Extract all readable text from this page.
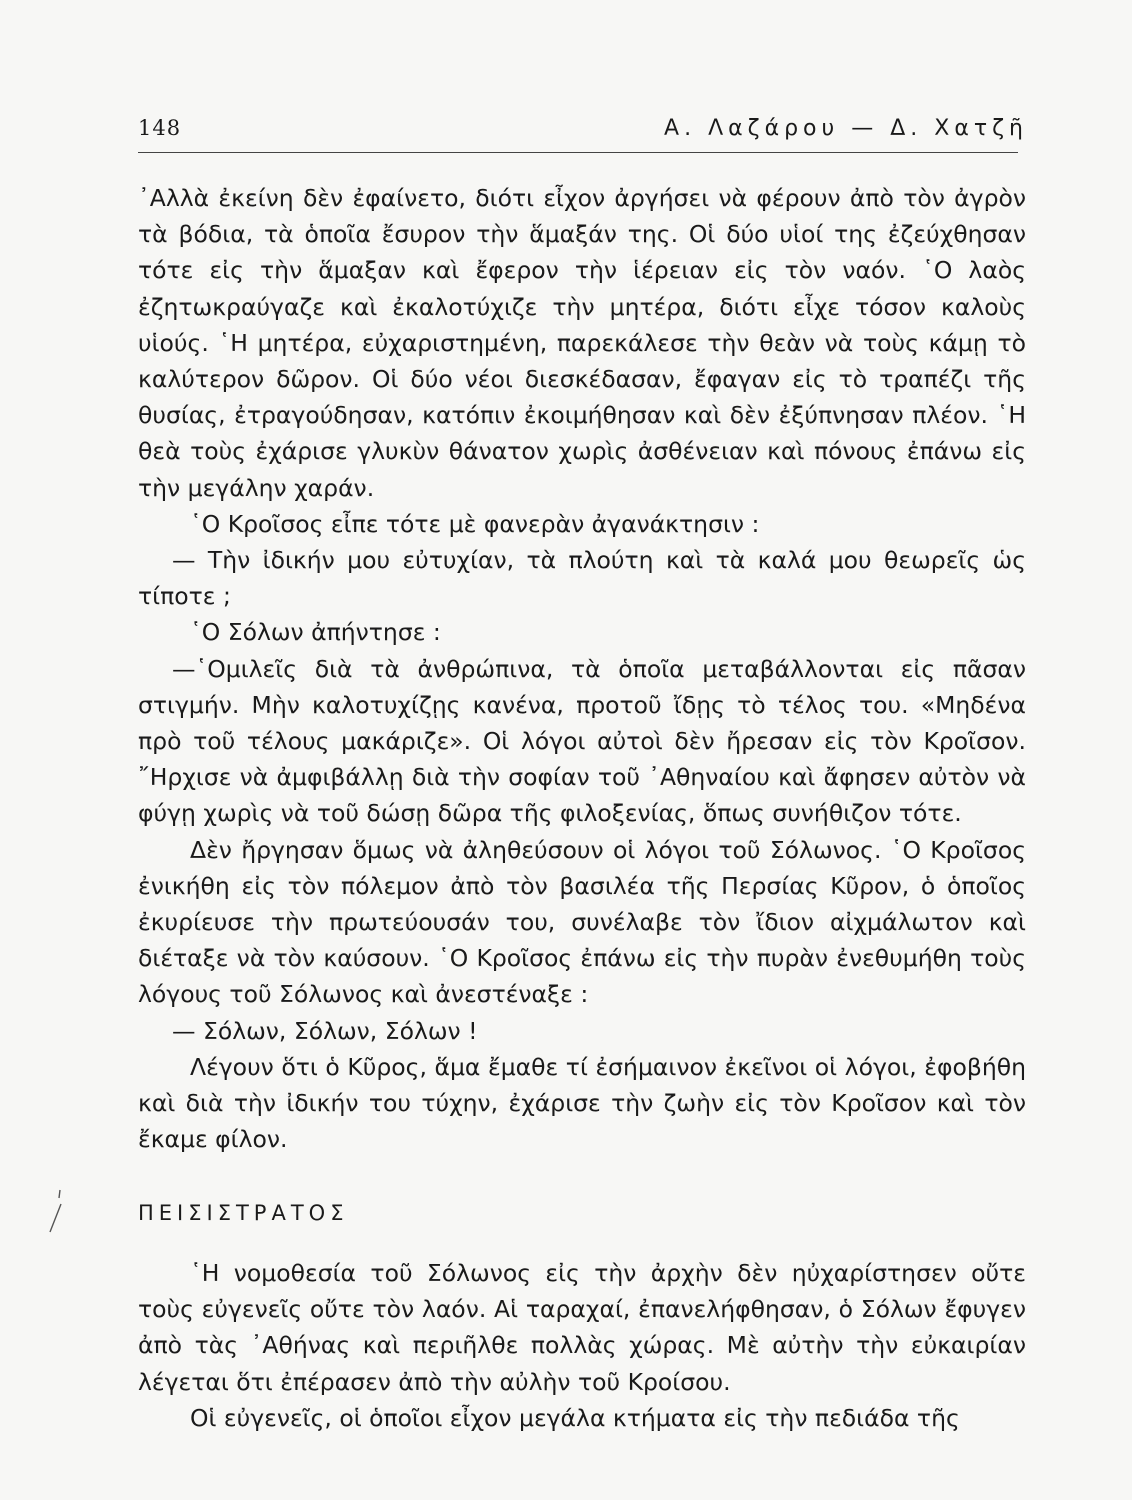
148	Α. Λαζάρου — Δ. Χατζῆ

᾿Αλλὰ ἐκείνη δὲν ἐφαίνετο, διότι εἶχον ἀργήσει νὰ φέρουν ἀπὸ τὸν ἀγρὸν τὰ βόδια, τὰ ὁποῖα ἔσυρον τὴν ἅμαξάν της. Οἱ δύο υἱοί της ἐζεύχθησαν τότε εἰς τὴν ἅμαξαν καὶ ἔφερον τὴν ἱέρειαν εἰς τὸν ναόν. ῾Ο λαὸς ἐζητωκραύγαζε καὶ ἐκαλοτύχιζε τὴν μητέρα, διότι εἶχε τόσον καλοὺς υἱούς. ῾Η μητέρα, εὐχαριστημένη, παρεκάλεσε τὴν θεὰν νὰ τοὺς κάμῃ τὸ καλύτερον δῶρον. Οἱ δύο νέοι διεσκέδασαν, ἔφαγαν εἰς τὸ τραπέζι τῆς θυσίας, ἐτραγούδησαν, κατόπιν ἐκοιμήθησαν καὶ δὲν ἐξύπνησαν πλέον. ῾Η θεὰ τοὺς ἐχάρισε γλυκὺν θάνατον χωρὶς ἀσθένειαν καὶ πόνους ἐπάνω εἰς τὴν μεγάλην χαράν.

῾Ο Κροῖσος εἶπε τότε μὲ φανερὰν ἀγανάκτησιν :

— Τὴν ἰδικήν μου εὐτυχίαν, τὰ πλούτη καὶ τὰ καλά μου θεωρεῖς ὡς τίποτε ;

῾Ο Σόλων ἀπήντησε :

—῾Ομιλεῖς διὰ τὰ ἀνθρώπινα, τὰ ὁποῖα μεταβάλλονται εἰς πᾶσαν στιγμήν. Μὴν καλοτυχίζῃς κανένα, προτοῦ ἴδῃς τὸ τέλος του. «Μηδένα πρὸ τοῦ τέλους μακάριζε». Οἱ λόγοι αὐτοὶ δὲν ἤρεσαν εἰς τὸν Κροῖσον. ῎Ηρχισε νὰ ἀμφιβάλλῃ διὰ τὴν σοφίαν τοῦ ᾿Αθηναίου καὶ ἄφησεν αὐτὸν νὰ φύγῃ χωρὶς νὰ τοῦ δώσῃ δῶρα τῆς φιλοξενίας, ὅπως συνήθιζον τότε.

Δὲν ἤργησαν ὅμως νὰ ἀληθεύσουν οἱ λόγοι τοῦ Σόλωνος. ῾Ο Κροῖσος ἐνικήθη εἰς τὸν πόλεμον ἀπὸ τὸν βασιλέα τῆς Περσίας Κῦρον, ὁ ὁποῖος ἐκυρίευσε τὴν πρωτεύουσάν του, συνέλαβε τὸν ἴδιον αἰχμάλωτον καὶ διέταξε νὰ τὸν καύσουν. ῾Ο Κροῖσος ἐπάνω εἰς τὴν πυρὰν ἐνεθυμήθη τοὺς λόγους τοῦ Σόλωνος καὶ ἀνεστέναξε :

— Σόλων, Σόλων, Σόλων !

Λέγουν ὅτι ὁ Κῦρος, ἅμα ἔμαθε τί ἐσήμαινον ἐκεῖνοι οἱ λόγοι, ἐφοβήθη καὶ διὰ τὴν ἰδικήν του τύχην, ἐχάρισε τὴν ζωὴν εἰς τὸν Κροῖσον καὶ τὸν ἔκαμε φίλον.

ΠΕΙΣΙΣΤΡΑΤΟΣ

῾Η νομοθεσία τοῦ Σόλωνος εἰς τὴν ἀρχὴν δὲν ηὐχαρίστησεν οὔτε τοὺς εὐγενεῖς οὔτε τὸν λαόν. Αἱ ταραχαί, ἐπανελήφθησαν, ὁ Σόλων ἔφυγεν ἀπὸ τὰς ᾿Αθήνας καὶ περιῆλθε πολλὰς χώρας. Μὲ αὐτὴν τὴν εὐκαιρίαν λέγεται ὅτι ἐπέρασεν ἀπὸ τὴν αὐλὴν τοῦ Κροίσου.

Οἱ εὐγενεῖς, οἱ ὁποῖοι εἶχον μεγάλα κτήματα εἰς τὴν πεδιάδα τῆς
